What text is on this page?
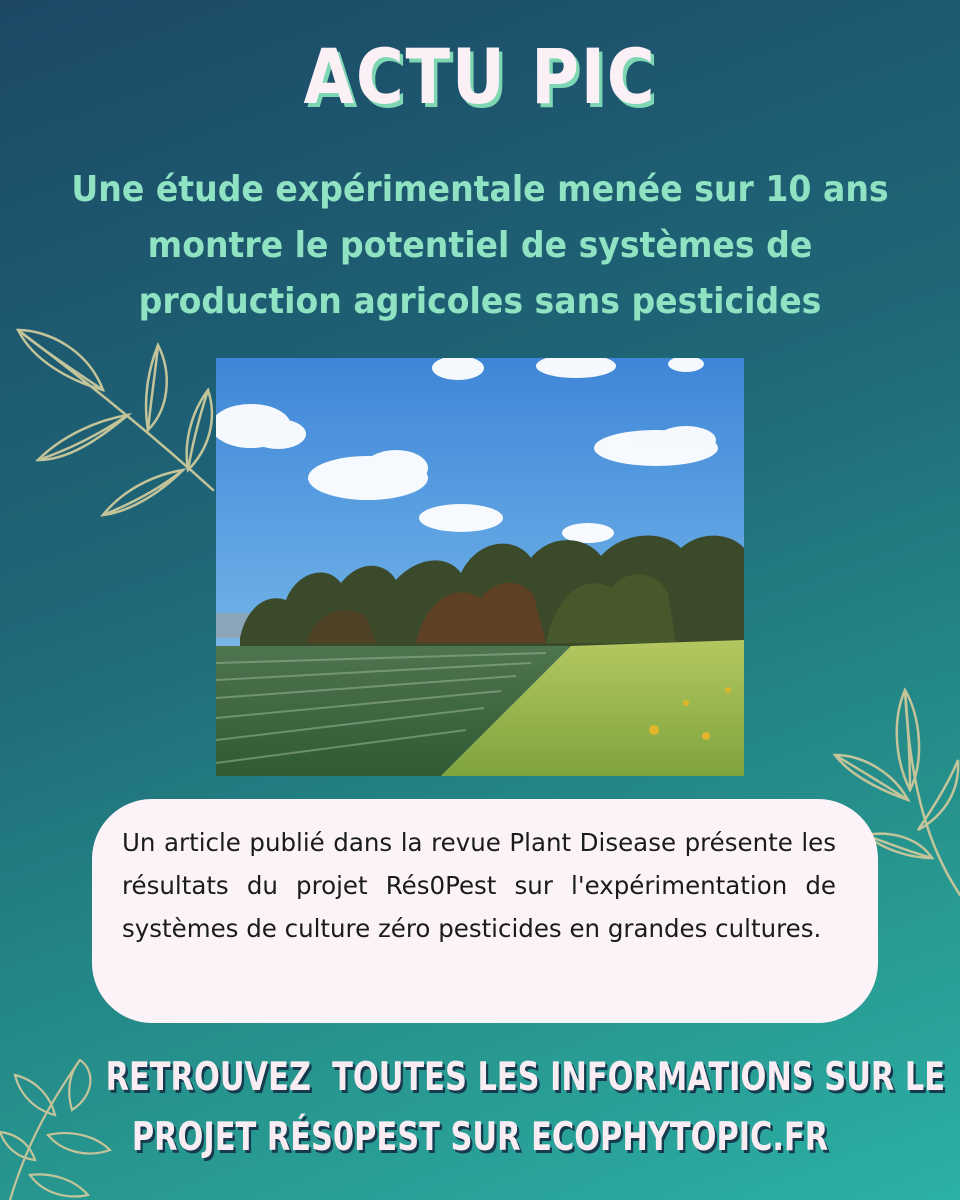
ACTU PIC
Une étude expérimentale menée sur 10 ans montre le potentiel de systèmes de production agricoles sans pesticides
Un article publié dans la revue Plant Disease présente les résultats du projet Rés0Pest sur l'expérimentation de systèmes de culture zéro pesticides en grandes cultures.
RETROUVEZ  TOUTES LES INFORMATIONS SUR LE
PROJET RÉS0PEST SUR ECOPHYTOPIC.FR
